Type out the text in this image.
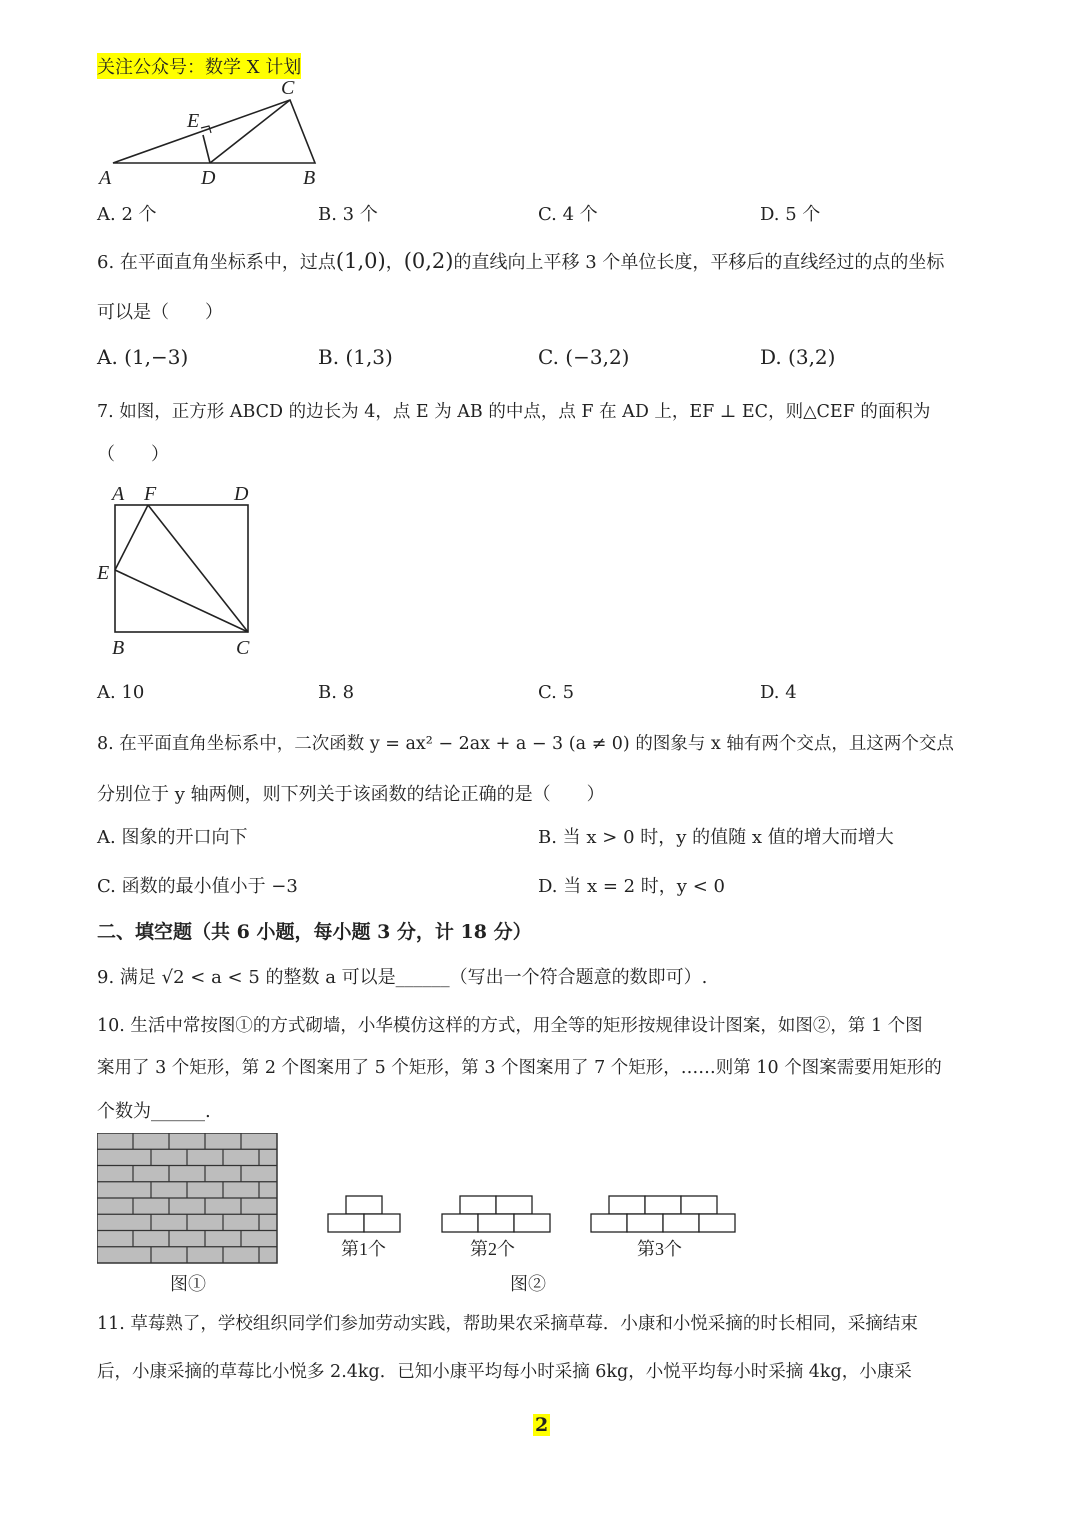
关注公众号：数学 X 计划
C
E
A	D	B
A. 2 个	B. 3 个	C. 4 个	D. 5 个
6. 在平面直角坐标系中，过点(1,0)，(0,2)的直线向上平移 3 个单位长度，平移后的直线经过的点的坐标
可以是（　　）
A. (1,−3)	B. (1,3)	C. (−3,2)	D. (3,2)
7. 如图，正方形 ABCD 的边长为 4，点 E 为 AB 的中点，点 F 在 AD 上，EF ⊥ EC，则△CEF 的面积为
（　　）
A F	D
E
B	C
A. 10	B. 8	C. 5	D. 4
8. 在平面直角坐标系中，二次函数 y = ax² − 2ax + a − 3 (a ≠ 0) 的图象与 x 轴有两个交点，且这两个交点
分别位于 y 轴两侧，则下列关于该函数的结论正确的是（　　）
A. 图象的开口向下	B. 当 x > 0 时，y 的值随 x 值的增大而增大
C. 函数的最小值小于 −3	D. 当 x = 2 时，y < 0
二、填空题（共 6 小题，每小题 3 分，计 18 分）
9. 满足 √2 < a < 5 的整数 a 可以是______（写出一个符合题意的数即可）.
10. 生活中常按图①的方式砌墙，小华模仿这样的方式，用全等的矩形按规律设计图案，如图②，第 1 个图
案用了 3 个矩形，第 2 个图案用了 5 个矩形，第 3 个图案用了 7 个矩形，……则第 10 个图案需要用矩形的
个数为______.
图①
第1个	第2个	第3个
图②
11. 草莓熟了，学校组织同学们参加劳动实践，帮助果农采摘草莓．小康和小悦采摘的时长相同，采摘结束
后，小康采摘的草莓比小悦多 2.4kg．已知小康平均每小时采摘 6kg，小悦平均每小时采摘 4kg，小康采
2
